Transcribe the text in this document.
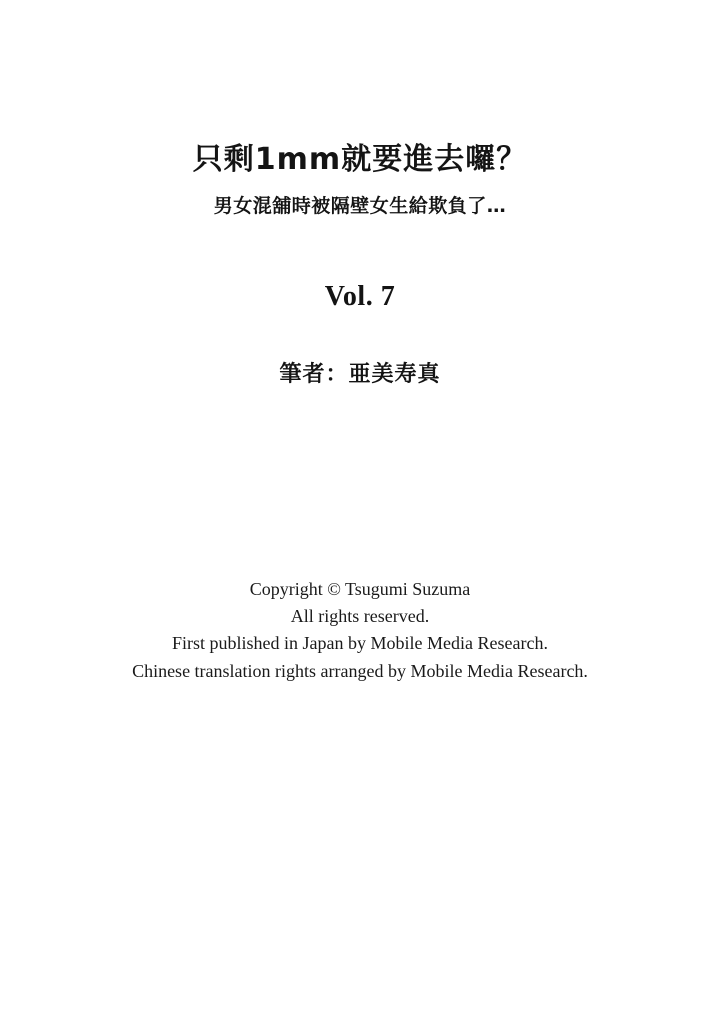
只剩1mm就要進去囉？

男女混舖時被隔壁女生給欺負了…

Vol. 7
筆者：亜美寿真

Copyright © Tsugumi Suzuma

All rights reserved.

First published in Japan by Mobile Media Research.

Chinese translation rights arranged by Mobile Media Research.
